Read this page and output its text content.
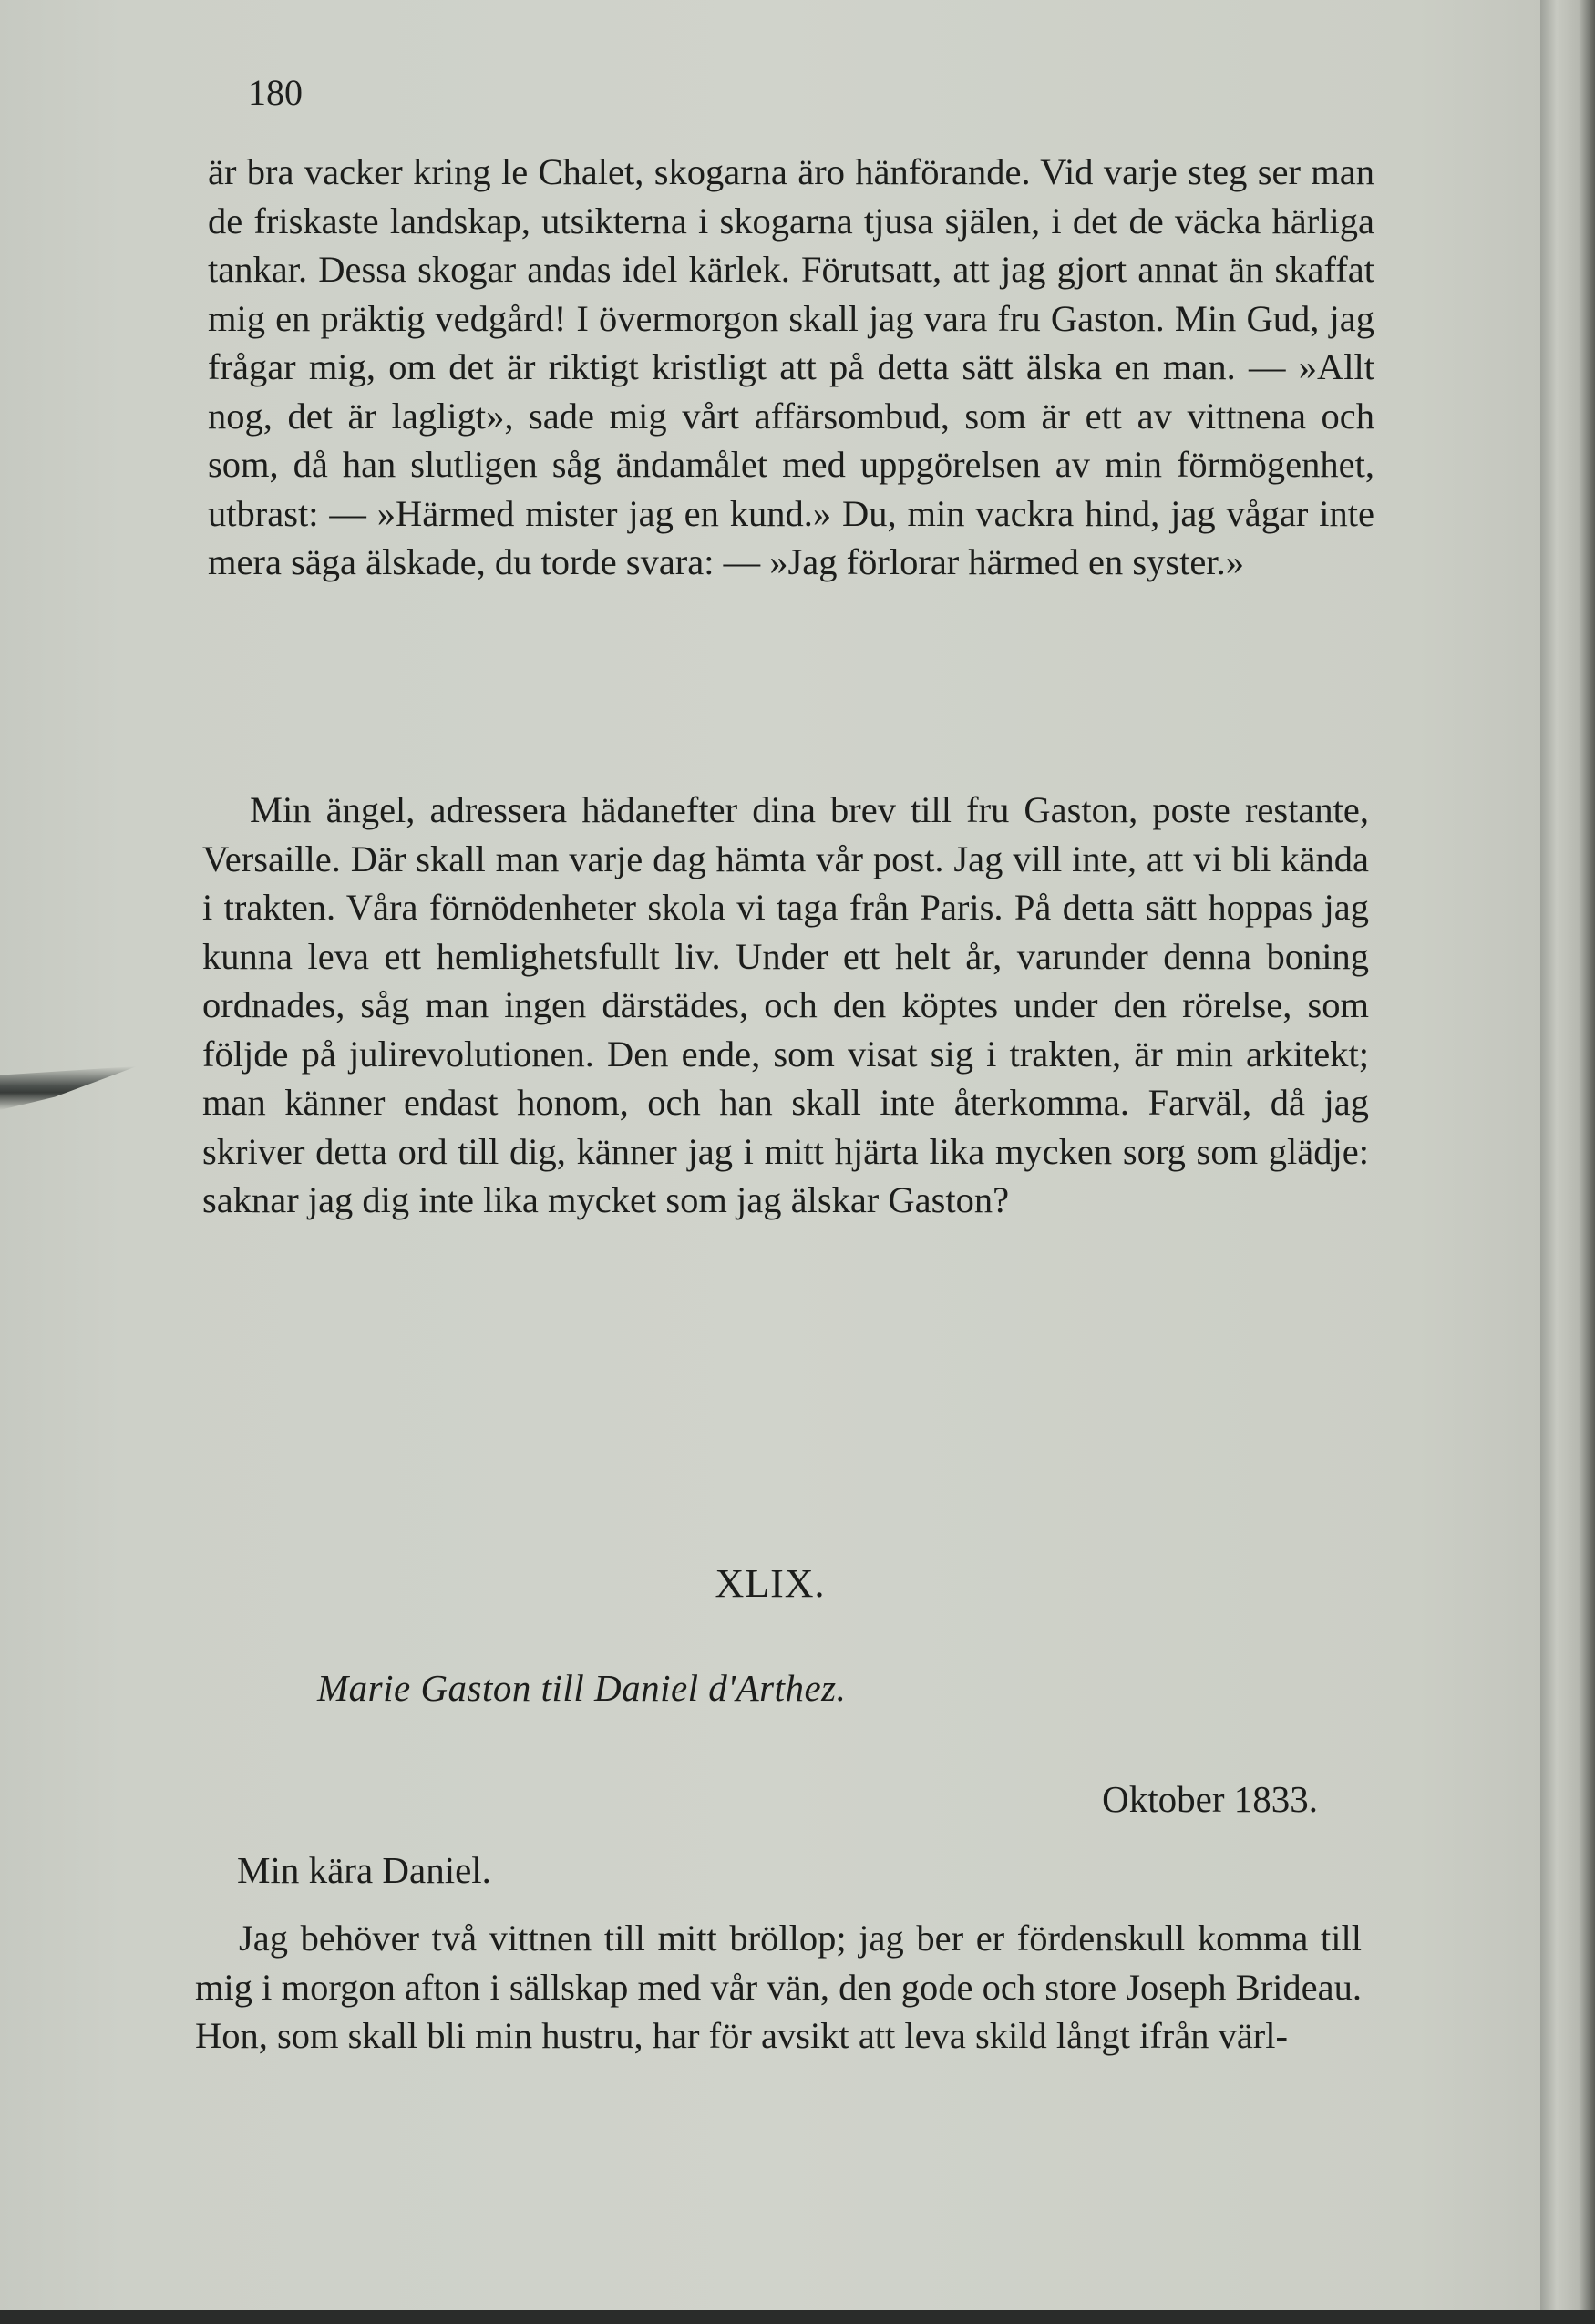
180

är bra vacker kring le Chalet, skogarna äro hänförande. Vid varje steg ser man de friskaste landskap, utsikterna i skogarna tjusa själen, i det de väcka härliga tankar. Dessa skogar andas idel kärlek. Förutsatt, att jag gjort annat än skaffat mig en präktig vedgård! I övermorgon skall jag vara fru Gaston. Min Gud, jag frågar mig, om det är riktigt kristligt att på detta sätt älska en man. — »Allt nog, det är lagligt», sade mig vårt affärsombud, som är ett av vittnena och som, då han slutligen såg ändamålet med uppgörelsen av min förmögenhet, utbrast: — »Härmed mister jag en kund.» Du, min vackra hind, jag vågar inte mera säga älskade, du torde svara: — »Jag förlorar härmed en syster.»

Min ängel, adressera hädanefter dina brev till fru Gaston, poste restante, Versaille. Där skall man varje dag hämta vår post. Jag vill inte, att vi bli kända i trakten. Våra förnödenheter skola vi taga från Paris. På detta sätt hoppas jag kunna leva ett hemlighetsfullt liv. Under ett helt år, varunder denna boning ordnades, såg man ingen därstädes, och den köptes under den rörelse, som följde på julirevolutionen. Den ende, som visat sig i trakten, är min arkitekt; man känner endast honom, och han skall inte återkomma. Farväl, då jag skriver detta ord till dig, känner jag i mitt hjärta lika mycken sorg som glädje: saknar jag dig inte lika mycket som jag älskar Gaston?

XLIX.

Marie Gaston till Daniel d'Arthez.

Oktober 1833.

Min kära Daniel.

Jag behöver två vittnen till mitt bröllop; jag ber er fördenskull komma till mig i morgon afton i sällskap med vår vän, den gode och store Joseph Brideau. Hon, som skall bli min hustru, har för avsikt att leva skild långt ifrån värl-
